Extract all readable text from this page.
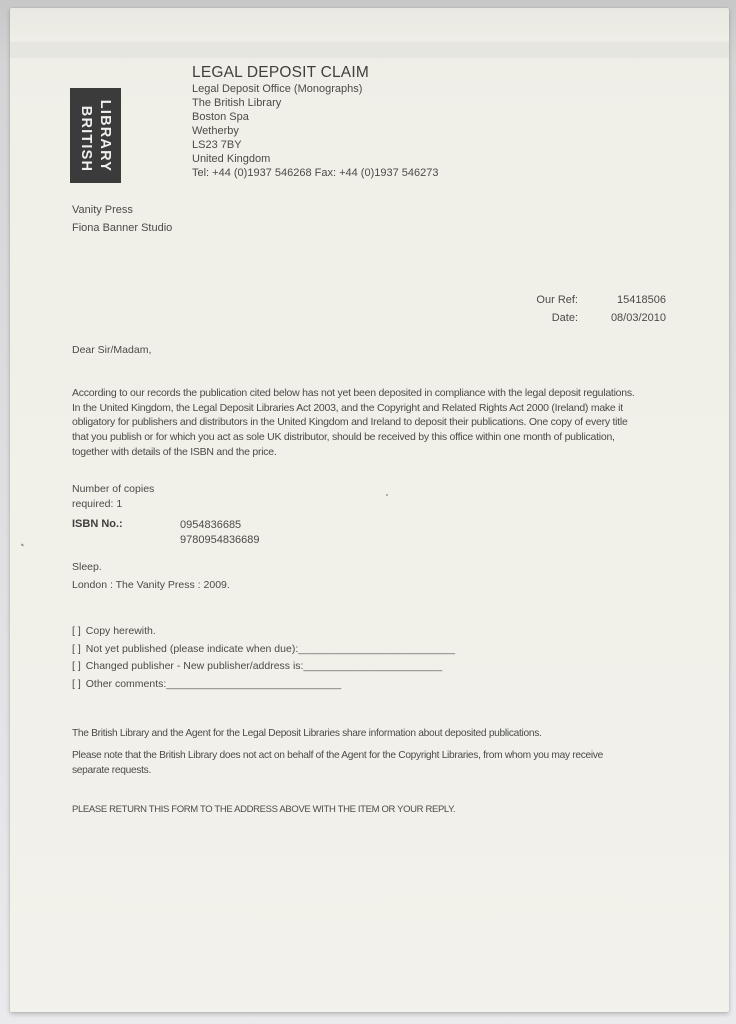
LEGAL DEPOSIT CLAIM
LIBRARY
BRITISH
Legal Deposit Office (Monographs)
The British Library
Boston Spa
Wetherby
LS23 7BY
United Kingdom
Tel: +44 (0)1937 546268 Fax: +44 (0)1937 546273
Vanity Press
Fiona Banner Studio
Our Ref:	15418506
Date:	08/03/2010
Dear Sir/Madam,
According to our records the publication cited below has not yet been deposited in compliance with the legal deposit regulations.
In the United Kingdom, the Legal Deposit Libraries Act 2003, and the Copyright and Related Rights Act 2000 (Ireland) make it
obligatory for publishers and distributors in the United Kingdom and Ireland to deposit their publications. One copy of every title
that you publish or for which you act as sole UK distributor, should be received by this office within one month of publication,
together with details of the ISBN and the price.
Number of copies
required: 1
ISBN No.:	0954836685
9780954836689
Sleep.
London : The Vanity Press : 2009.
[ ] Copy herewith.
[ ] Not yet published (please indicate when due):__________________________
[ ] Changed publisher - New publisher/address is:_______________________
[ ] Other comments:_____________________________
The British Library and the Agent for the Legal Deposit Libraries share information about deposited publications.
Please note that the British Library does not act on behalf of the Agent for the Copyright Libraries, from whom you may receive
separate requests.
PLEASE RETURN THIS FORM TO THE ADDRESS ABOVE WITH THE ITEM OR YOUR REPLY.
